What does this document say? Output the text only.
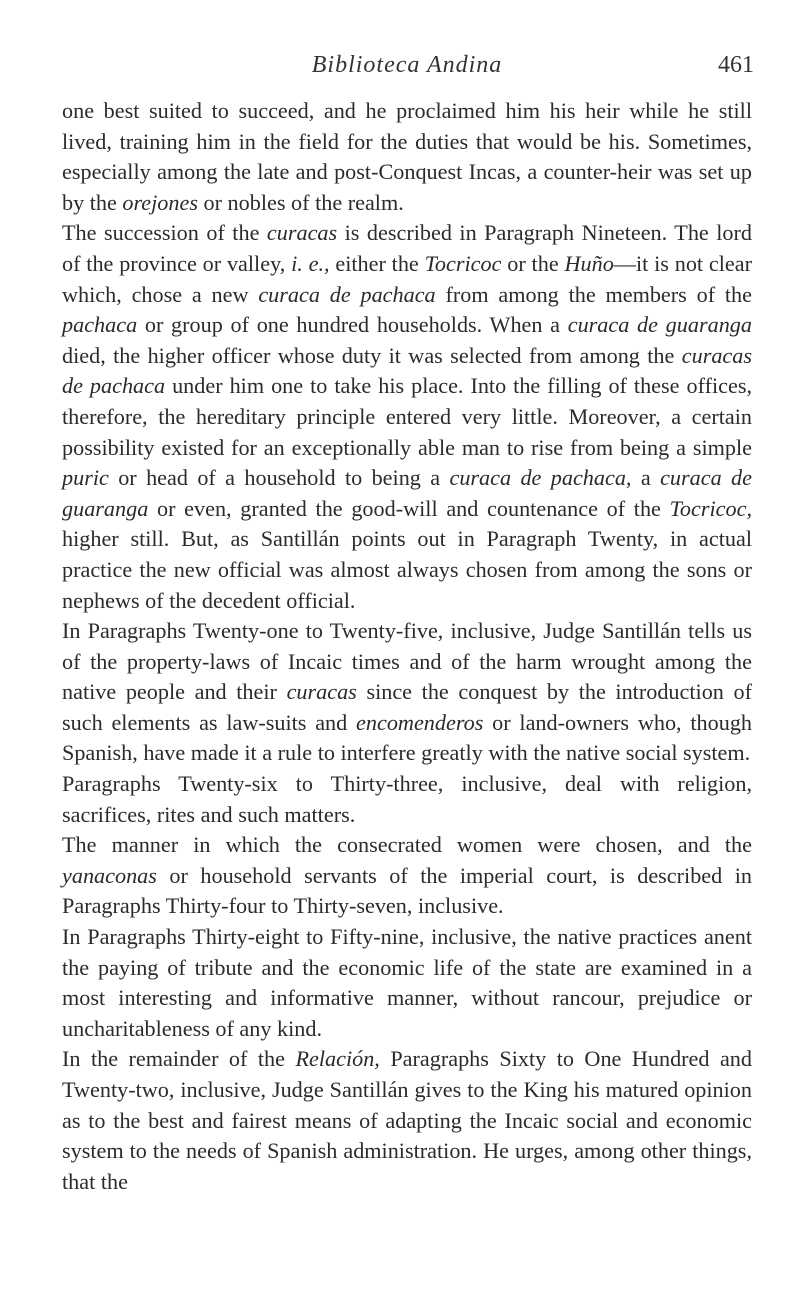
Biblioteca Andina	461

one best suited to succeed, and he proclaimed him his heir while he still lived, training him in the field for the duties that would be his. Sometimes, especially among the late and post-Conquest Incas, a counter-heir was set up by the orejones or nobles of the realm.

The succession of the curacas is described in Paragraph Nineteen. The lord of the province or valley, i. e., either the Tocricoc or the Huño—it is not clear which, chose a new curaca de pachaca from among the members of the pachaca or group of one hundred households. When a curaca de guaranga died, the higher officer whose duty it was selected from among the curacas de pachaca under him one to take his place. Into the filling of these offices, therefore, the hereditary principle entered very little. Moreover, a certain possibility existed for an exceptionally able man to rise from being a simple puric or head of a household to being a curaca de pachaca, a curaca de guaranga or even, granted the good-will and countenance of the Tocricoc, higher still. But, as Santillán points out in Paragraph Twenty, in actual practice the new official was almost always chosen from among the sons or nephews of the decedent official.

In Paragraphs Twenty-one to Twenty-five, inclusive, Judge Santillán tells us of the property-laws of Incaic times and of the harm wrought among the native people and their curacas since the conquest by the introduction of such elements as law-suits and encomenderos or land-owners who, though Spanish, have made it a rule to interfere greatly with the native social system.

Paragraphs Twenty-six to Thirty-three, inclusive, deal with religion, sacrifices, rites and such matters.

The manner in which the consecrated women were chosen, and the yanaconas or household servants of the imperial court, is described in Paragraphs Thirty-four to Thirty-seven, inclusive.

In Paragraphs Thirty-eight to Fifty-nine, inclusive, the native practices anent the paying of tribute and the economic life of the state are examined in a most interesting and informative manner, without rancour, prejudice or uncharitableness of any kind.

In the remainder of the Relación, Paragraphs Sixty to One Hundred and Twenty-two, inclusive, Judge Santillán gives to the King his matured opinion as to the best and fairest means of adapting the Incaic social and economic system to the needs of Spanish administration. He urges, among other things, that the
